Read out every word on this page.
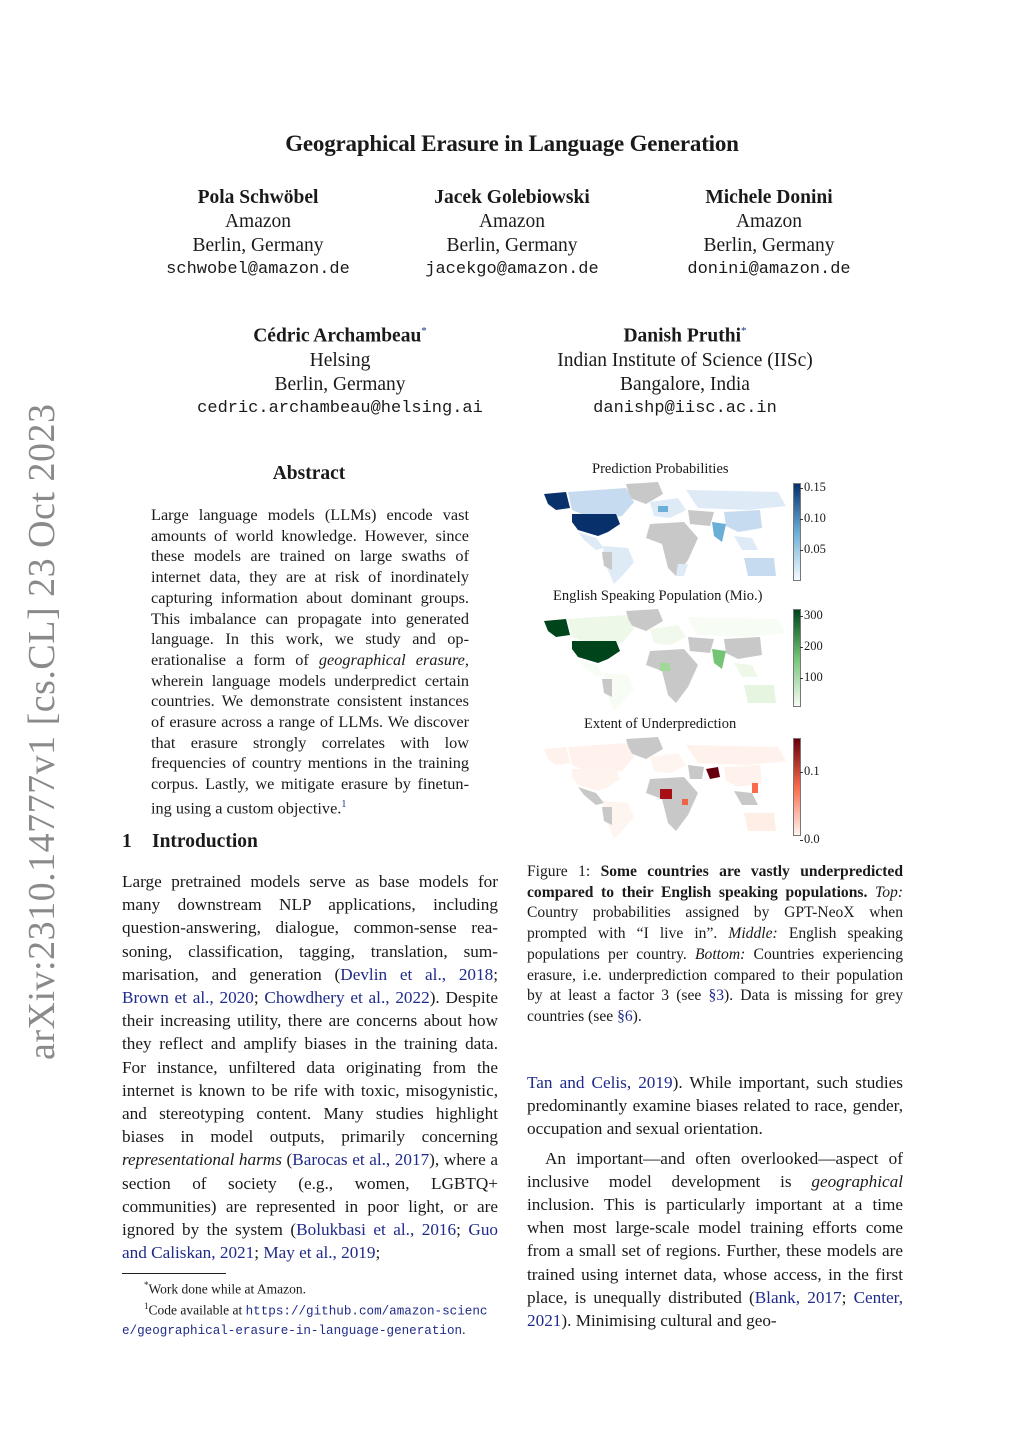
Geographical Erasure in Language Generation
Pola Schwöbel
Amazon
Berlin, Germany
schwobel@amazon.de
Jacek Golebiowski
Amazon
Berlin, Germany
jacekgo@amazon.de
Michele Donini
Amazon
Berlin, Germany
donini@amazon.de
Cédric Archambeau*
Helsing
Berlin, Germany
cedric.archambeau@helsing.ai
Danish Pruthi*
Indian Institute of Science (IISc)
Bangalore, India
danishp@iisc.ac.in
arXiv:2310.14777v1 [cs.CL] 23 Oct 2023	Abstract
Large language models (LLMs) encode vast amounts of world knowledge. However, since these models are trained on large swaths of internet data, they are at risk of inordinately capturing information about dominant groups. This imbalance can propagate into generated language. In this work, we study and operationalise a form of geographical erasure, wherein language models underpredict certain countries. We demonstrate consistent instances of erasure across a range of LLMs. We discover that erasure strongly correlates with low frequencies of country mentions in the training corpus. Lastly, we mitigate erasure by finetuning using a custom objective.$^1$
1 Introduction
Large pretrained models serve as base models for many downstream NLP applications, including question-answering, dialogue, common-sense reasoning, classification, tagging, translation, summarisation, and generation (Devlin et al., 2018; Brown et al., 2020; Chowdhery et al., 2022). Despite their increasing utility, there are concerns about how they reflect and amplify biases in the training data. For instance, unfiltered data originating from the internet is known to be rife with toxic, misogynistic, and stereotyping content. Many studies highlight biases in model outputs, primarily concerning representational harms (Barocas et al., 2017), where a section of society (e.g., women, LGBTQ+ communities) are represented in poor light, or are ignored by the system (Bolukbasi et al., 2016; Guo and Caliskan, 2021; May et al., 2019;

Tan and Celis, 2019). While important, such studies predominantly examine biases related to race, gender, occupation and sexual orientation.

An important—and often overlooked—aspect of inclusive model development is geographical inclusion. This is particularly important at a time when most large-scale model training efforts come from a small set of regions. Further, these models are trained using internet data, whose access, in the first place, is unequally distributed (Blank, 2017; Center, 2021). Minimising cultural and geo-

*Work done while at Amazon.
$^1$Code available at https://github.com/amazon-science/geographical-erasure-in-language-generation.
Prediction Probabilities
0.15
0.10
0.05
English Speaking Population (Mio.)
300
200
100
Extent of Underprediction
0.1
0.0
Figure 1: Some countries are vastly underpredicted compared to their English speaking populations. Top: Country probabilities assigned by GPT-NeoX when prompted with “I live in”. Middle: English speaking populations per country. Bottom: Countries experiencing erasure, i.e. underprediction compared to their population by at least a factor 3 (see §3). Data is missing for grey countries (see §6).
